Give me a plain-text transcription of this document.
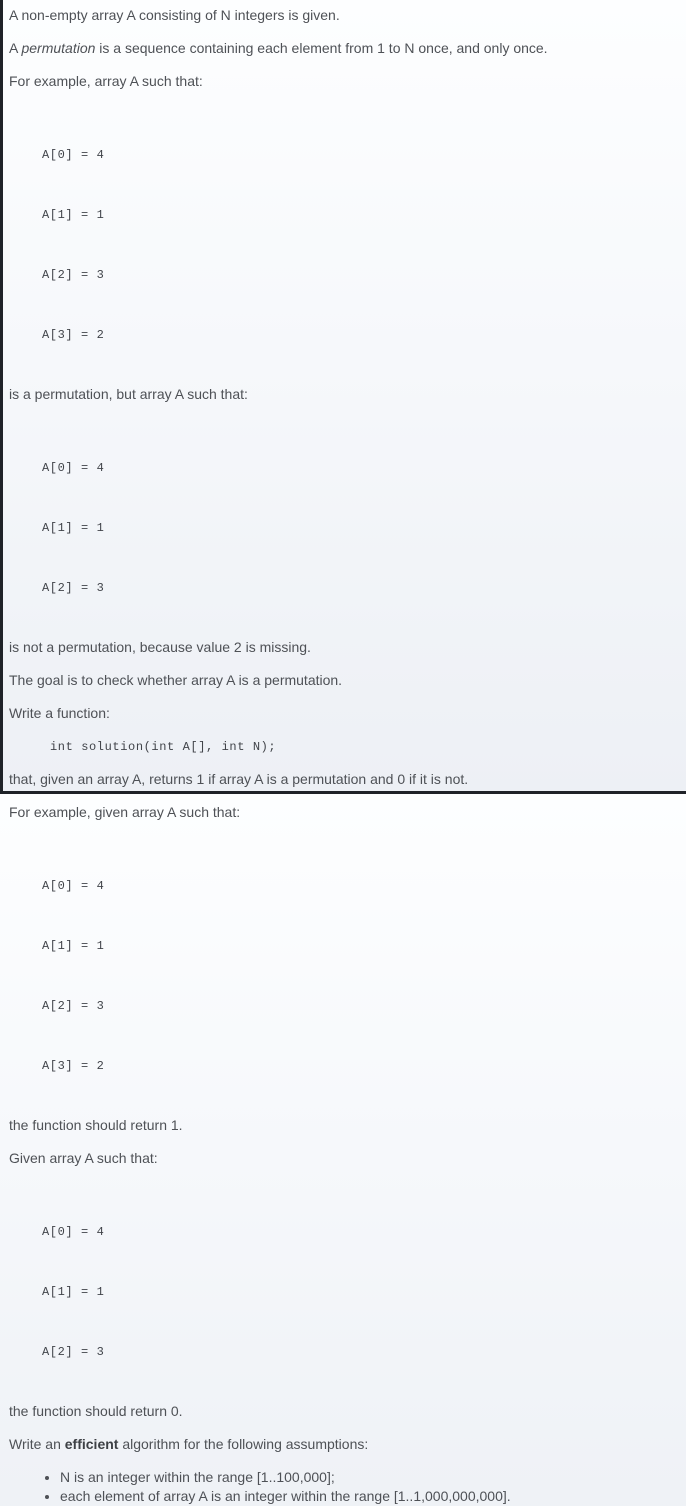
A non-empty array A consisting of N integers is given.

A permutation is a sequence containing each element from 1 to N once, and only once.

For example, array A such that:

A[0] = 4

A[1] = 1

A[2] = 3

A[3] = 2

is a permutation, but array A such that:

A[0] = 4

A[1] = 1

A[2] = 3

is not a permutation, because value 2 is missing.

The goal is to check whether array A is a permutation.

Write a function:

int solution(int A[], int N);

that, given an array A, returns 1 if array A is a permutation and 0 if it is not.

For example, given array A such that:

A[0] = 4

A[1] = 1

A[2] = 3

A[3] = 2

the function should return 1.

Given array A such that:

A[0] = 4

A[1] = 1

A[2] = 3

the function should return 0.

Write an efficient algorithm for the following assumptions:

• N is an integer within the range [1..100,000];
• each element of array A is an integer within the range [1..1,000,000,000].
